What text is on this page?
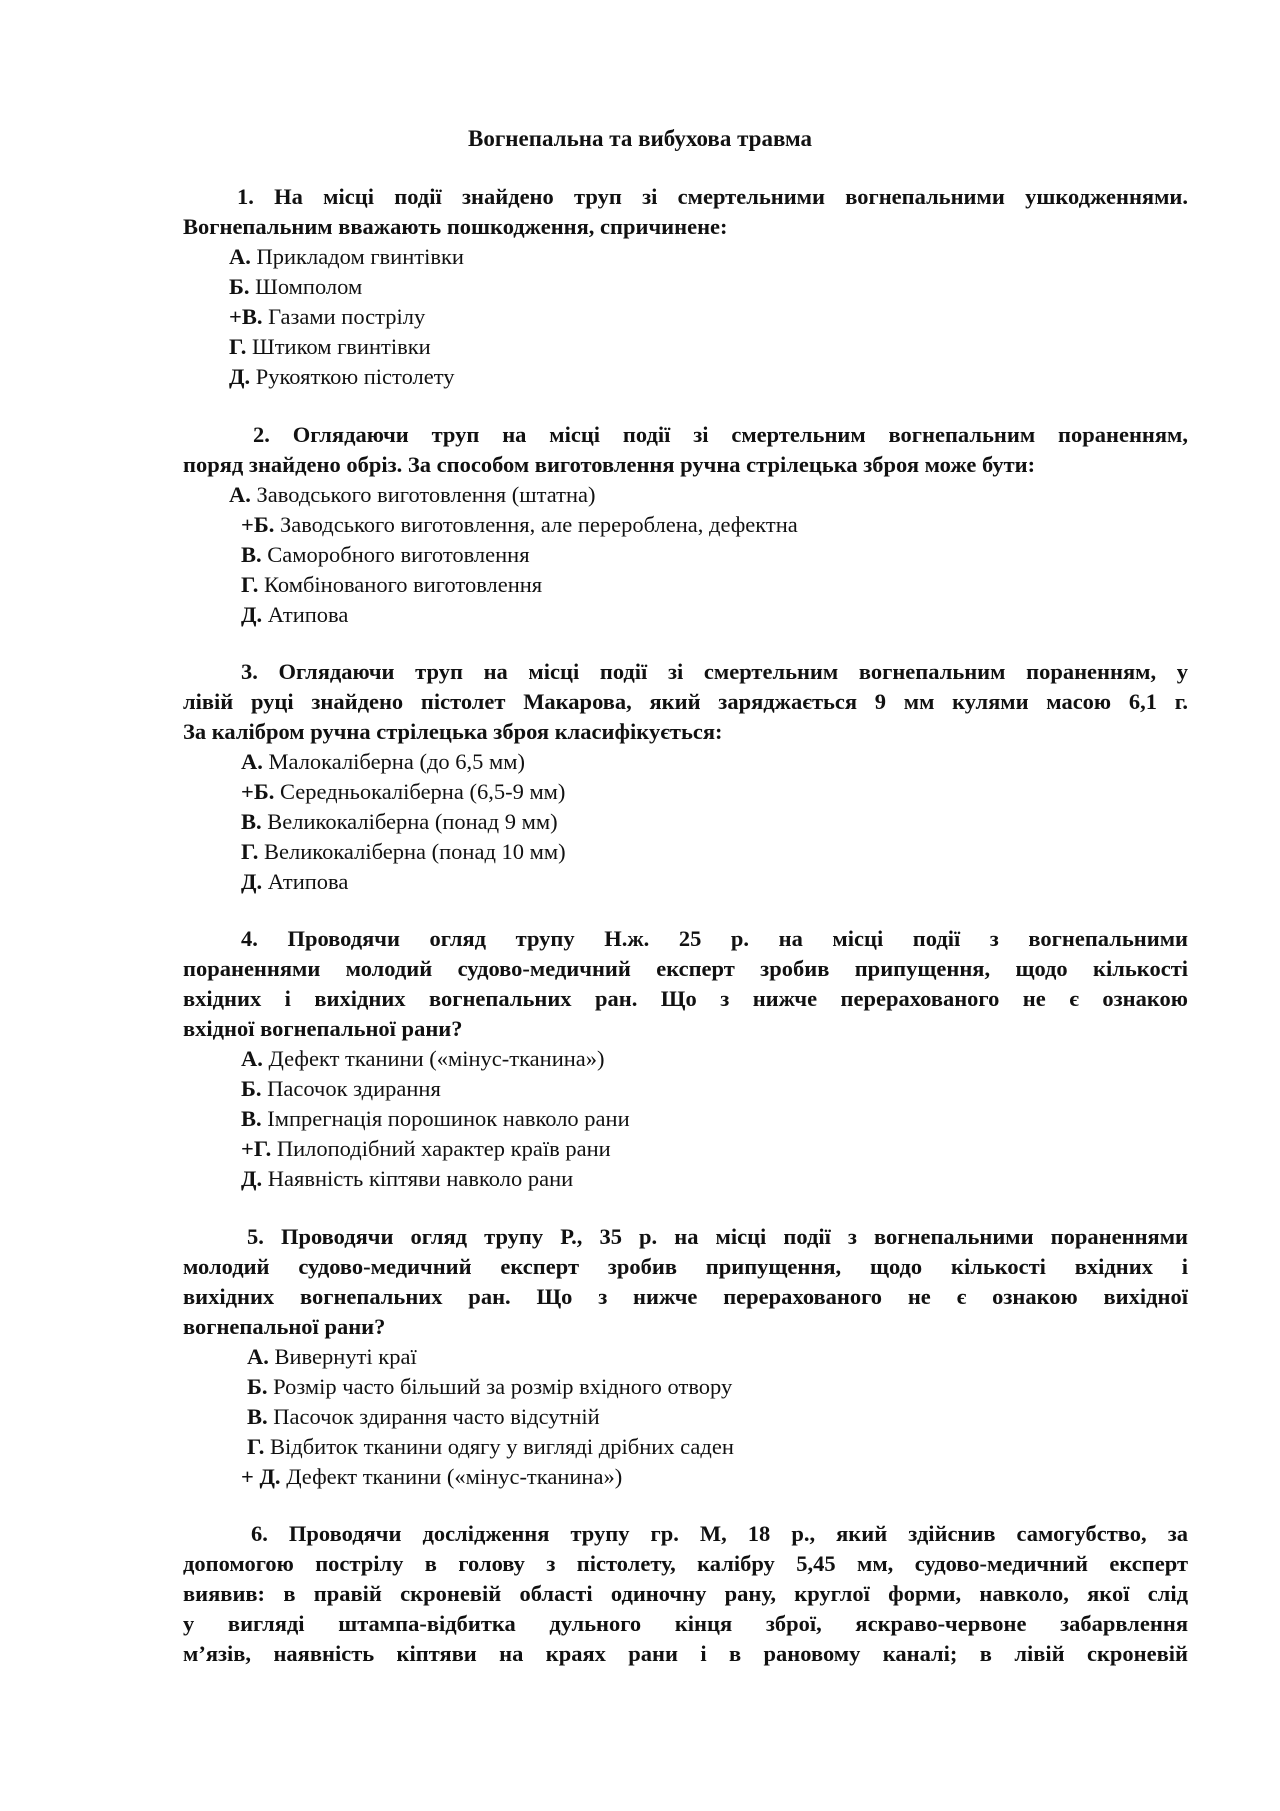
Вогнепальна та вибухова травма

1. На місці події знайдено труп зі смертельними вогнепальними ушкодженнями.

Вогнепальним вважають пошкодження, спричинене:

А. Прикладом гвинтівки
Б. Шомполом
+В. Газами пострілу
Г. Штиком гвинтівки
Д. Рукояткою пістолету

2. Оглядаючи труп на місці події зі смертельним вогнепальним пораненням,

поряд знайдено обріз. За способом виготовлення ручна стрілецька зброя може бути:

А. Заводського виготовлення (штатна)
+Б. Заводського виготовлення, але перероблена, дефектна
В. Саморобного виготовлення
Г. Комбінованого виготовлення
Д. Атипова

3. Оглядаючи труп на місці події зі смертельним вогнепальним пораненням, у

лівій руці знайдено пістолет Макарова, який заряджається 9 мм кулями масою 6,1 г.

За калібром ручна стрілецька зброя класифікується:

А. Малокаліберна (до 6,5 мм)
+Б. Середньокаліберна (6,5-9 мм)
В. Великокаліберна (понад 9 мм)
Г. Великокаліберна (понад 10 мм)
Д. Атипова

4. Проводячи огляд трупу Н.ж. 25 р. на місці події з вогнепальними

пораненнями молодий судово-медичний експерт зробив припущення, щодо кількості

вхідних і вихідних вогнепальних ран. Що з нижче перерахованого не є ознакою

вхідної вогнепальної рани?

А. Дефект тканини («мінус-тканина»)
Б. Пасочок здирання
В. Імпрегнація порошинок навколо рани
+Г. Пилоподібний характер країв рани
Д. Наявність кіптяви навколо рани

5. Проводячи огляд трупу Р., 35 р. на місці події з вогнепальними пораненнями

молодий судово-медичний експерт зробив припущення, щодо кількості вхідних і

вихідних вогнепальних ран. Що з нижче перерахованого не є ознакою вихідної

вогнепальної рани?

А. Вивернуті краї
Б. Розмір часто більший за розмір вхідного отвору
В. Пасочок здирання часто відсутній
Г. Відбиток тканини одягу у вигляді дрібних саден
+ Д. Дефект тканини («мінус-тканина»)

6. Проводячи дослідження трупу гр. М, 18 р., який здійснив самогубство, за

допомогою пострілу в голову з пістолету, калібру 5,45 мм, судово-медичний експерт

виявив: в правій скроневій області одиночну рану, круглої форми, навколо, якої слід

у вигляді штампа-відбитка дульного кінця зброї, яскраво-червоне забарвлення

м’язів, наявність кіптяви на краях рани і в рановому каналі; в лівій скроневій
